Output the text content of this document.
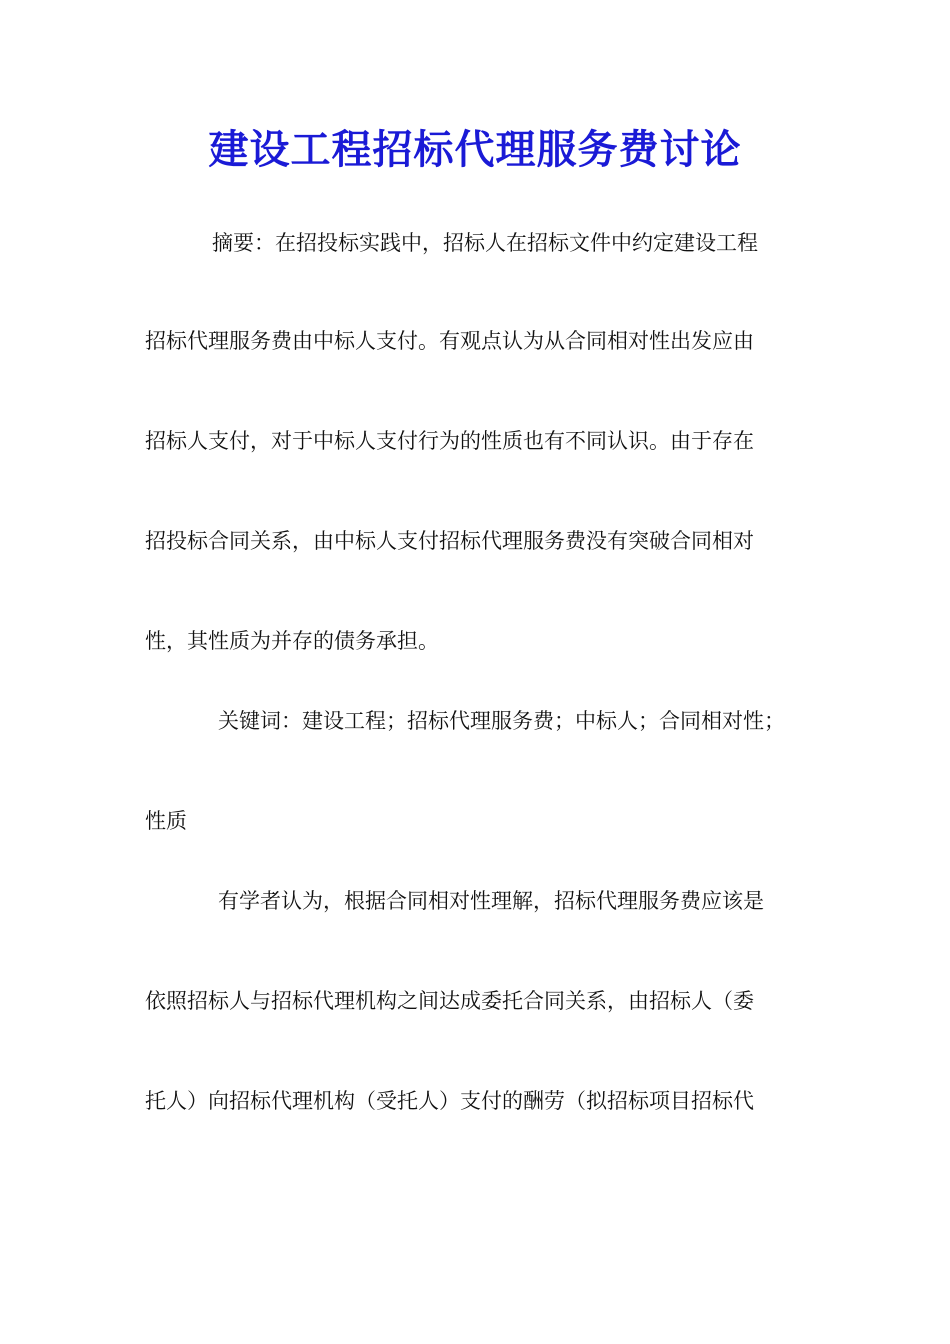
建设工程招标代理服务费讨论

摘要：在招投标实践中，招标人在招标文件中约定建设工程

招标代理服务费由中标人支付。有观点认为从合同相对性出发应由

招标人支付，对于中标人支付行为的性质也有不同认识。由于存在

招投标合同关系，由中标人支付招标代理服务费没有突破合同相对

性，其性质为并存的债务承担。

关键词：建设工程；招标代理服务费；中标人；合同相对性；

性质

有学者认为，根据合同相对性理解，招标代理服务费应该是

依照招标人与招标代理机构之间达成委托合同关系，由招标人（委

托人）向招标代理机构（受托人）支付的酬劳（拟招标项目招标代
